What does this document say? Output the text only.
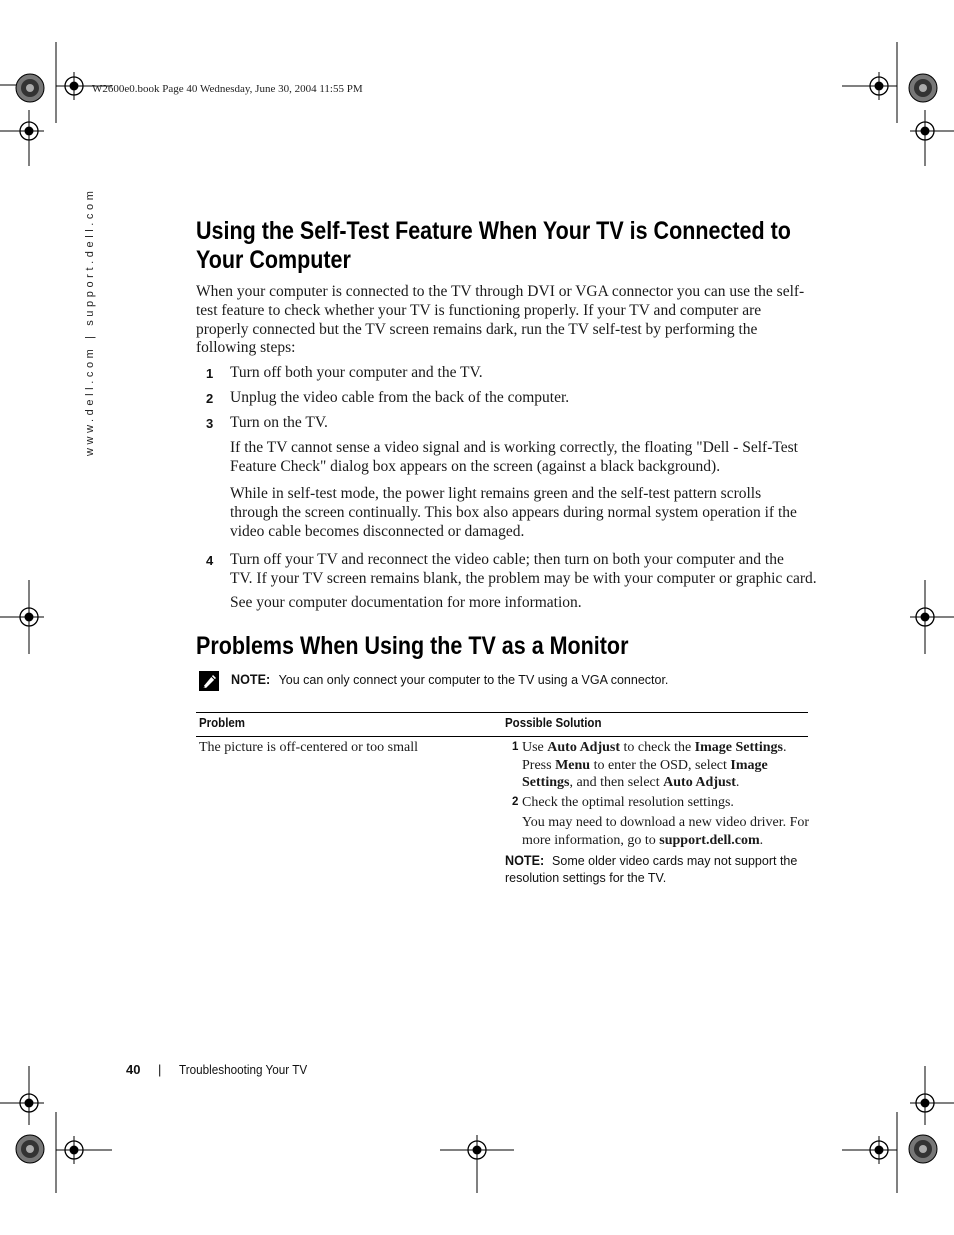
W2600e0.book Page 40 Wednesday, June 30, 2004 11:55 PM
www.dell.com | support.dell.com	Using the Self-Test Feature When Your TV is Connected to
Your Computer
When your computer is connected to the TV through DVI or VGA connector you can use the self-
test feature to check whether your TV is functioning properly. If your TV and computer are
properly connected but the TV screen remains dark, run the TV self-test by performing the
following steps:
1 Turn off both your computer and the TV.
2 Unplug the video cable from the back of the computer.
3 Turn on the TV.
If the TV cannot sense a video signal and is working correctly, the floating "Dell - Self-Test
Feature Check" dialog box appears on the screen (against a black background).
While in self-test mode, the power light remains green and the self-test pattern scrolls
through the screen continually. This box also appears during normal system operation if the
video cable becomes disconnected or damaged.
4 Turn off your TV and reconnect the video cable; then turn on both your computer and the
TV. If your TV screen remains blank, the problem may be with your computer or graphic card.
See your computer documentation for more information.
Problems When Using the TV as a Monitor
NOTE: You can only connect your computer to the TV using a VGA connector.
Problem	Possible Solution
The picture is off-centered or too small	1 Use Auto Adjust to check the Image Settings.
Press Menu to enter the OSD, select Image
Settings, and then select Auto Adjust.
2 Check the optimal resolution settings.
You may need to download a new video driver. For
more information, go to support.dell.com.
NOTE: Some older video cards may not support the
resolution settings for the TV.
40 | Troubleshooting Your TV
